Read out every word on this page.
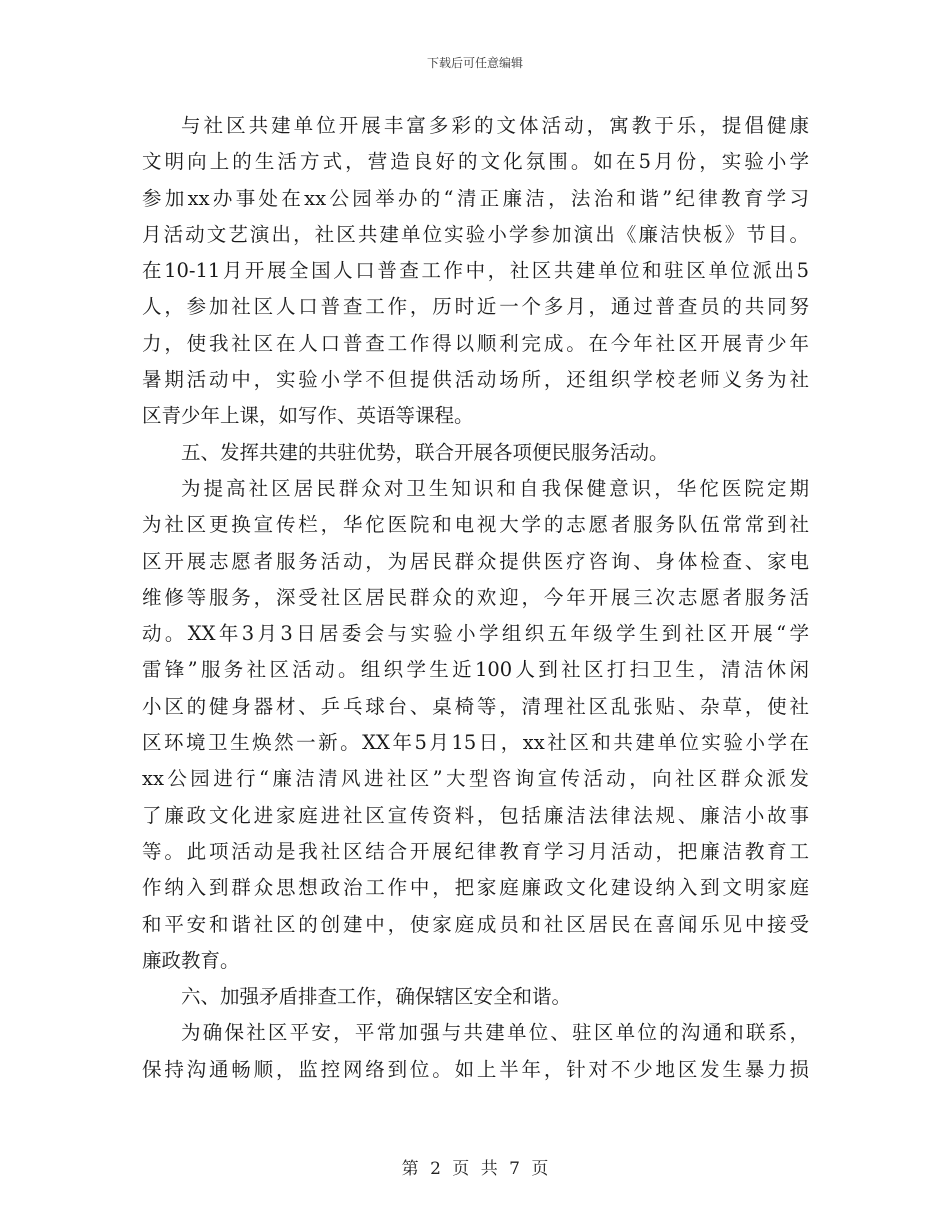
下载后可任意编辑
与社区共建单位开展丰富多彩的文体活动，寓教于乐，提倡健康
文明向上的生活方式，营造良好的文化氛围。如在5月份，实验小学
参加xx办事处在xx公园举办的“清正廉洁，法治和谐”纪律教育学习
月活动文艺演出，社区共建单位实验小学参加演出《廉洁快板》节目。
在10-11月开展全国人口普查工作中，社区共建单位和驻区单位派出5
人，参加社区人口普查工作，历时近一个多月，通过普查员的共同努
力，使我社区在人口普查工作得以顺利完成。在今年社区开展青少年
暑期活动中，实验小学不但提供活动场所，还组织学校老师义务为社
区青少年上课，如写作、英语等课程。
五、发挥共建的共驻优势，联合开展各项便民服务活动。
为提高社区居民群众对卫生知识和自我保健意识，华佗医院定期
为社区更换宣传栏，华佗医院和电视大学的志愿者服务队伍常常到社
区开展志愿者服务活动，为居民群众提供医疗咨询、身体检查、家电
维修等服务，深受社区居民群众的欢迎，今年开展三次志愿者服务活
动。XX年3月3日居委会与实验小学组织五年级学生到社区开展“学
雷锋”服务社区活动。组织学生近100人到社区打扫卫生，清洁休闲
小区的健身器材、乒乓球台、桌椅等，清理社区乱张贴、杂草，使社
区环境卫生焕然一新。XX年5月15日，xx社区和共建单位实验小学在
xx公园进行“廉洁清风进社区”大型咨询宣传活动，向社区群众派发
了廉政文化进家庭进社区宣传资料，包括廉洁法律法规、廉洁小故事
等。此项活动是我社区结合开展纪律教育学习月活动，把廉洁教育工
作纳入到群众思想政治工作中，把家庭廉政文化建设纳入到文明家庭
和平安和谐社区的创建中，使家庭成员和社区居民在喜闻乐见中接受
廉政教育。
六、加强矛盾排查工作，确保辖区安全和谐。
为确保社区平安，平常加强与共建单位、驻区单位的沟通和联系，
保持沟通畅顺，监控网络到位。如上半年，针对不少地区发生暴力损
第 2 页 共 7 页
